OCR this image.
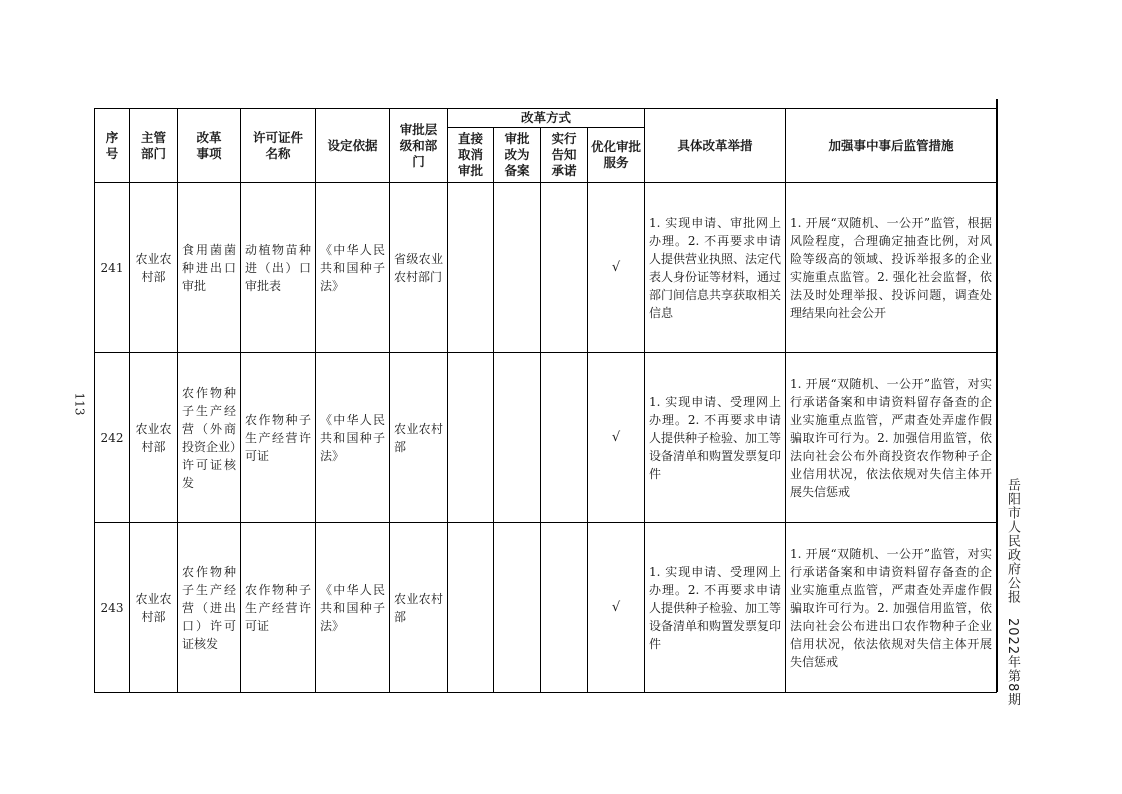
113
岳阳市人民政府公报　2022年第8期
序号	主管部门	改革事项	许可证件名称	设定依据	审批层级和部门	改革方式				具体改革举措	加强事中事后监管措施
						直接取消审批	审批改为备案	实行告知承诺	优化审批服务		
241	农业农村部	食用菌菌种进出口审批	动植物苗种进（出）口审批表	《中华人民共和国种子法》	省级农业农村部门				√	1. 实现申请、审批网上办理。2. 不再要求申请人提供营业执照、法定代表人身份证等材料，通过部门间信息共享获取相关信息	1. 开展“双随机、一公开”监管，根据风险程度，合理确定抽查比例，对风险等级高的领域、投诉举报多的企业实施重点监管。2. 强化社会监督，依法及时处理举报、投诉问题，调查处理结果向社会公开
242	农业农村部	农作物种子生产经营（外商投资企业）许可证核发	农作物种子生产经营许可证	《中华人民共和国种子法》	农业农村部				√	1. 实现申请、受理网上办理。2. 不再要求申请人提供种子检验、加工等设备清单和购置发票复印件	1. 开展“双随机、一公开”监管，对实行承诺备案和申请资料留存备查的企业实施重点监管，严肃查处弄虚作假骗取许可行为。2. 加强信用监管，依法向社会公布外商投资农作物种子企业信用状况，依法依规对失信主体开展失信惩戒
243	农业农村部	农作物种子生产经营（进出口）许可证核发	农作物种子生产经营许可证	《中华人民共和国种子法》	农业农村部				√	1. 实现申请、受理网上办理。2. 不再要求申请人提供种子检验、加工等设备清单和购置发票复印件	1. 开展“双随机、一公开”监管，对实行承诺备案和申请资料留存备查的企业实施重点监管，严肃查处弄虚作假骗取许可行为。2. 加强信用监管，依法向社会公布进出口农作物种子企业信用状况，依法依规对失信主体开展失信惩戒
